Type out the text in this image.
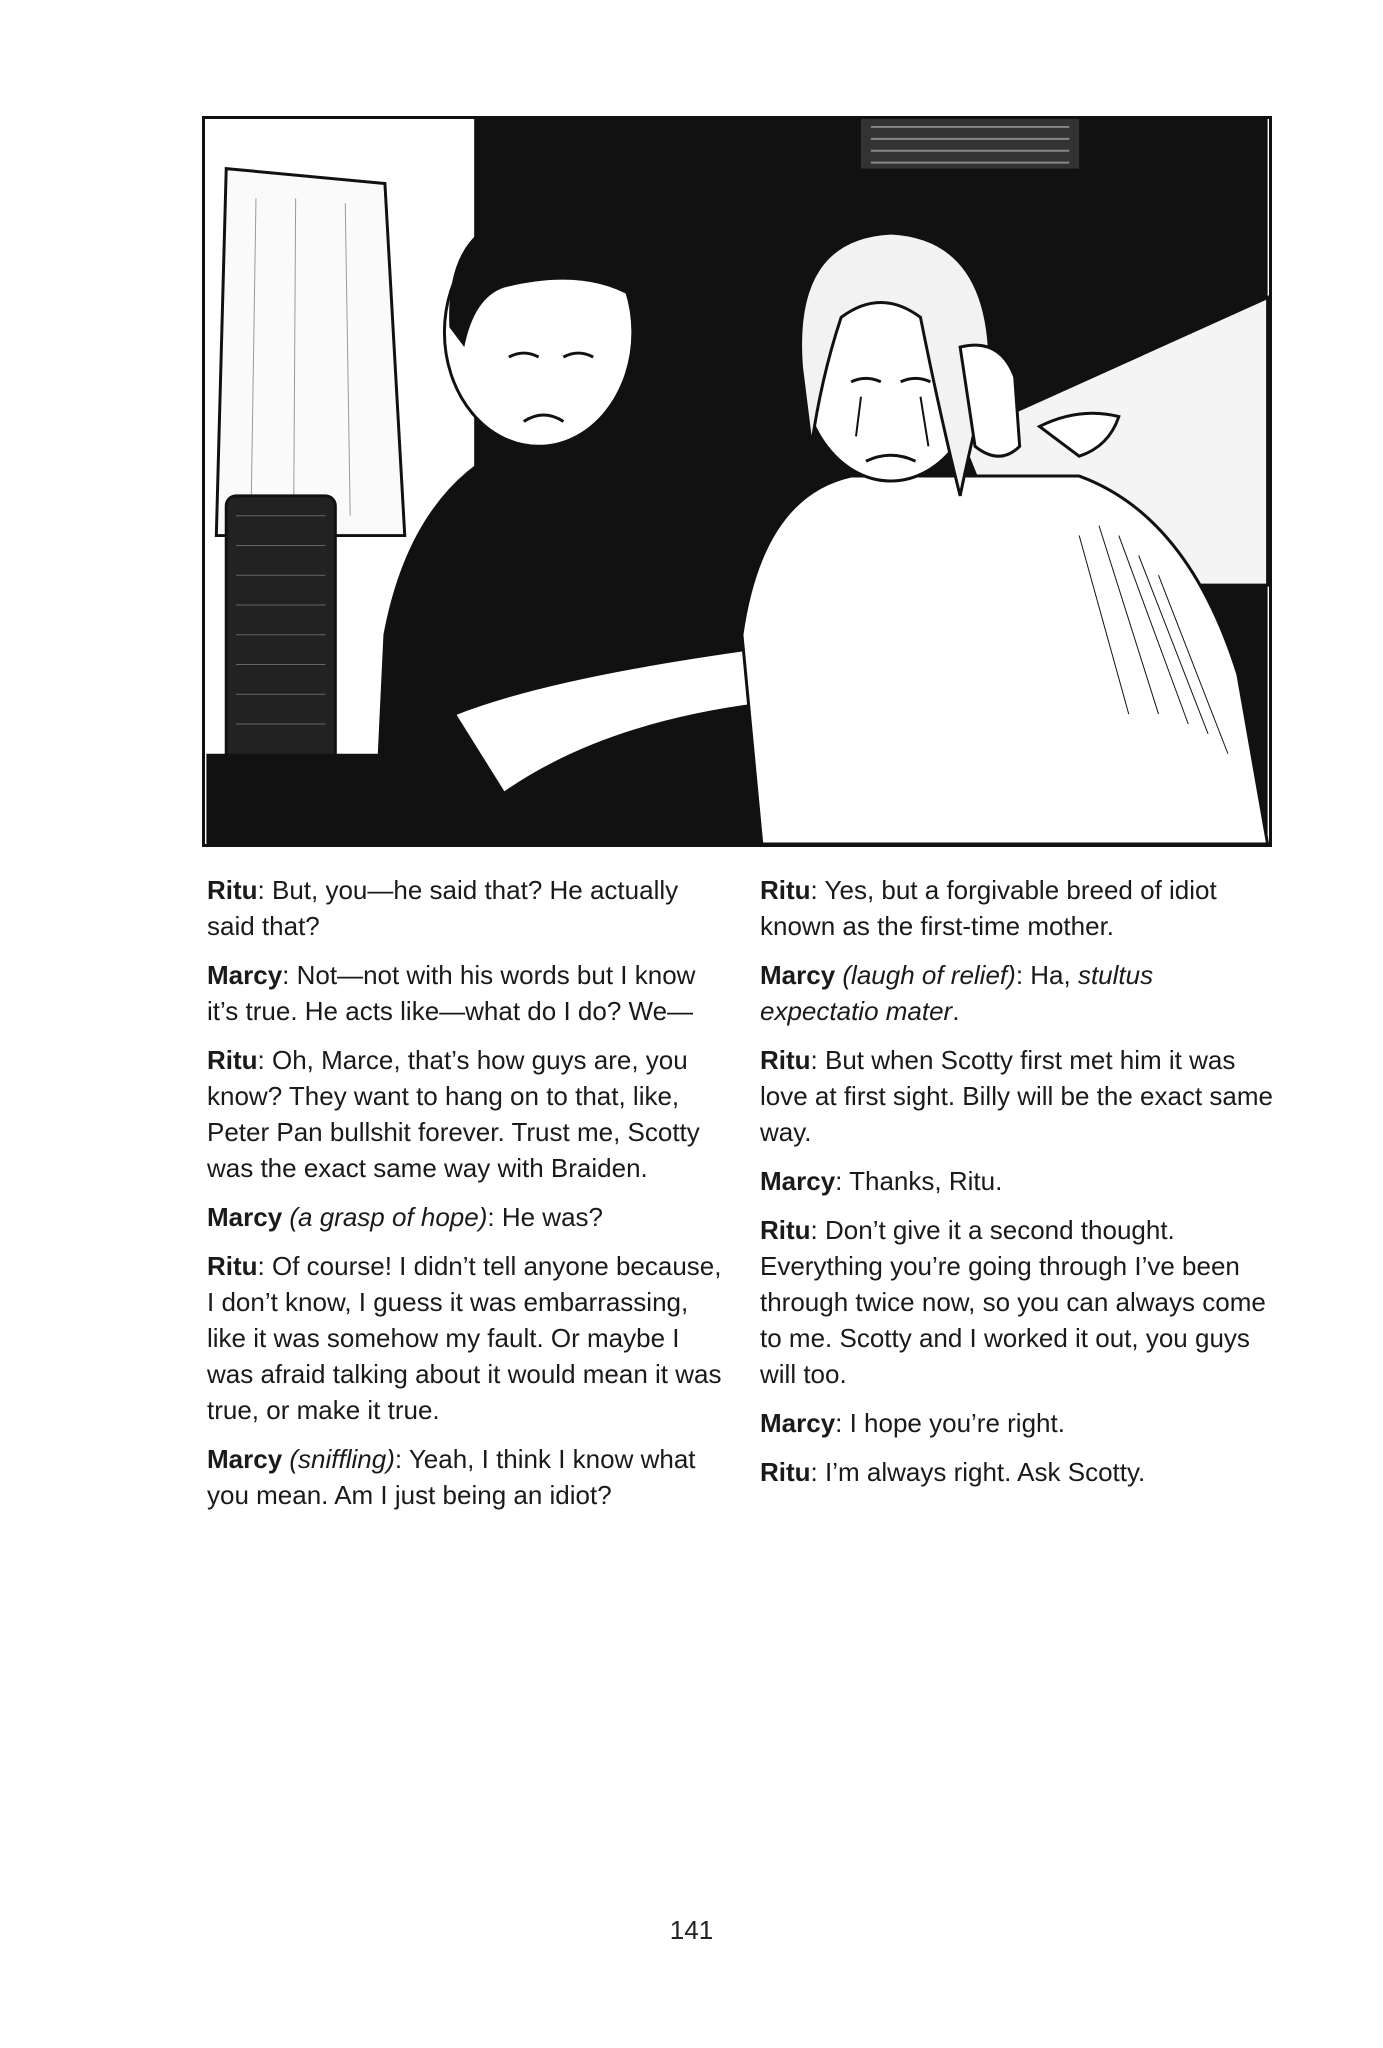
Ritu: But, you—he said that? He actually said that?
Marcy: Not—not with his words but I know it’s true. He acts like—what do I do? We—
Ritu: Oh, Marce, that’s how guys are, you know? They want to hang on to that, like, Peter Pan bullshit forever. Trust me, Scotty was the exact same way with Braiden.
Marcy (a grasp of hope): He was?
Ritu: Of course! I didn’t tell anyone because, I don’t know, I guess it was embarrassing, like it was somehow my fault. Or maybe I was afraid talking about it would mean it was true, or make it true.
Marcy (sniffling): Yeah, I think I know what you mean. Am I just being an idiot?
Ritu: Yes, but a forgivable breed of idiot known as the first-time mother.
Marcy (laugh of relief): Ha, stultus expectatio mater.
Ritu: But when Scotty first met him it was love at first sight. Billy will be the exact same way.
Marcy: Thanks, Ritu.
Ritu: Don’t give it a second thought. Everything you’re going through I’ve been through twice now, so you can always come to me. Scotty and I worked it out, you guys will too.
Marcy: I hope you’re right.
Ritu: I’m always right. Ask Scotty.
141
